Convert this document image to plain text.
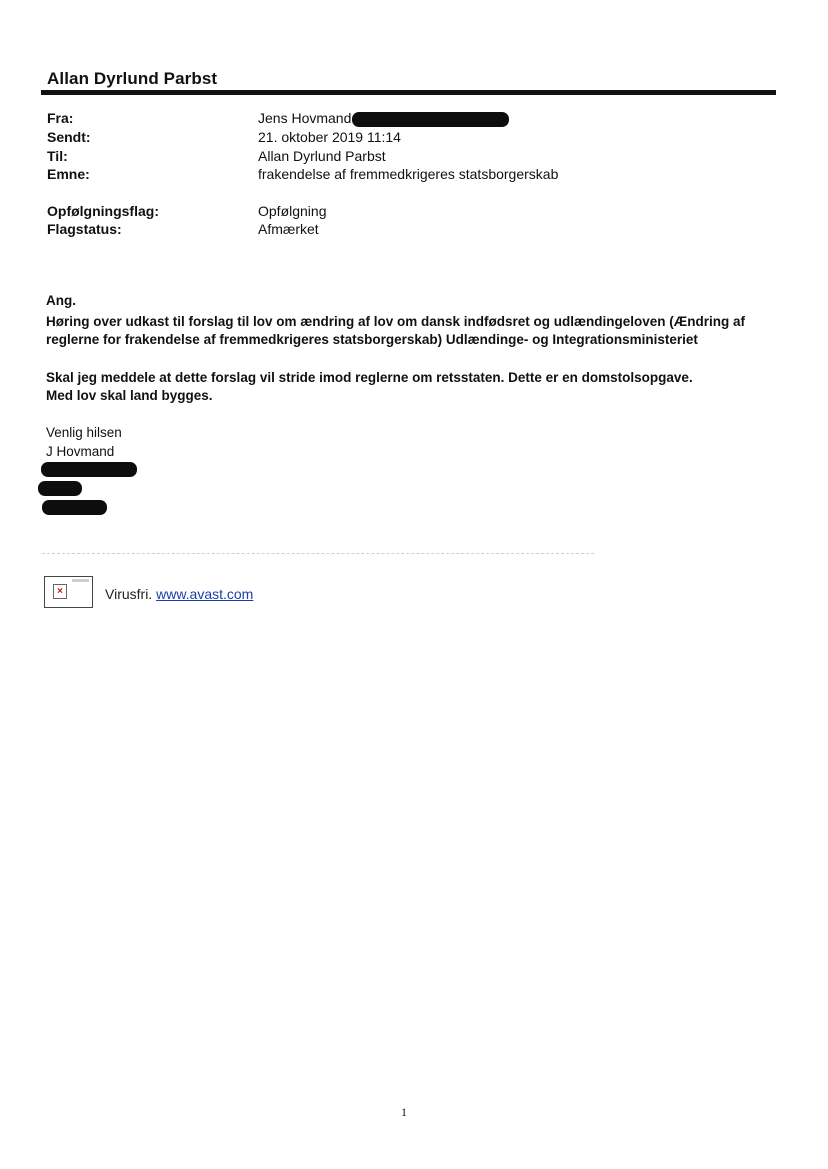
Allan Dyrlund Parbst
Fra:	Jens Hovmand
Sendt:	21. oktober 2019 11:14
Til:	Allan Dyrlund Parbst
Emne:	frakendelse af fremmedkrigeres statsborgerskab
Opfølgningsflag:	Opfølgning
Flagstatus:	Afmærket
Ang.
Høring over udkast til forslag til lov om ændring af lov om dansk indfødsret og udlændingeloven (Ændring af
reglerne for frakendelse af fremmedkrigeres statsborgerskab) Udlændinge- og Integrationsministeriet
Skal jeg meddele at dette forslag vil stride imod reglerne om retsstaten. Dette er en domstolsopgave.
Med lov skal land bygges.
Venlig hilsen
J Hovmand
×	Virusfri. www.avast.com
1
